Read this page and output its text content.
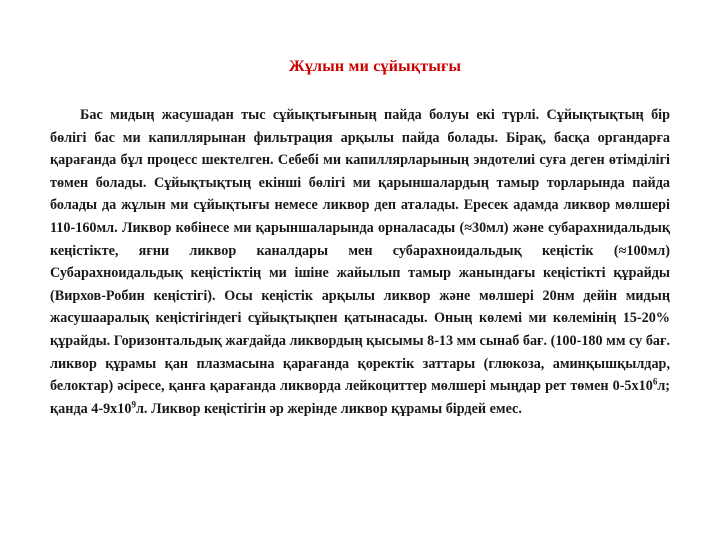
Жұлын ми сұйықтығы

Бас мидың жасушадан тыс сұйықтығының пайда болуы екі түрлі. Сұйықтықтың бір бөлігі бас ми капиллярынан фильтрация арқылы пайда болады. Бірақ, басқа органдарға қарағанда бұл процесс шектелген. Себебі ми капиллярларының эндотелиі суға деген өтімділігі төмен болады. Сұйықтықтың екінші бөлігі ми қарыншалардың тамыр торларында пайда болады да жұлын ми сұйықтығы немесе ликвор деп аталады. Ересек адамда ликвор мөлшері 110-160мл. Ликвор көбінесе ми қарыншаларында орналасады (≈30мл) және субарахнидальдық кеңістікте, яғни ликвор каналдары мен субарахноидальдық кеңістік (≈100мл) Субарахноидальдық кеңістіктің ми ішіне жайылып тамыр жанындағы кеңістікті құрайды (Вирхов-Робин кеңістігі). Осы кеңістік арқылы ликвор және мөлшері 20нм дейін мидың жасушааралық кеңістігіндегі сұйықтықпен қатынасады. Оның көлемі ми көлемінің 15-20% құрайды. Горизонтальдық жағдайда ликвордың қысымы 8-13 мм сынаб бағ. (100-180 мм су бағ. ликвор құрамы қан плазмасына қарағанда қоректік заттары (глюкоза, аминқышқылдар, белоктар) әсіресе, қанға қарағанда ликворда лейкоциттер мөлшері мыңдар рет төмен $0-5х10^6л$; қанда $4-9х10^9л$. Ликвор кеңістігін әр жерінде ликвор құрамы бірдей емес.
